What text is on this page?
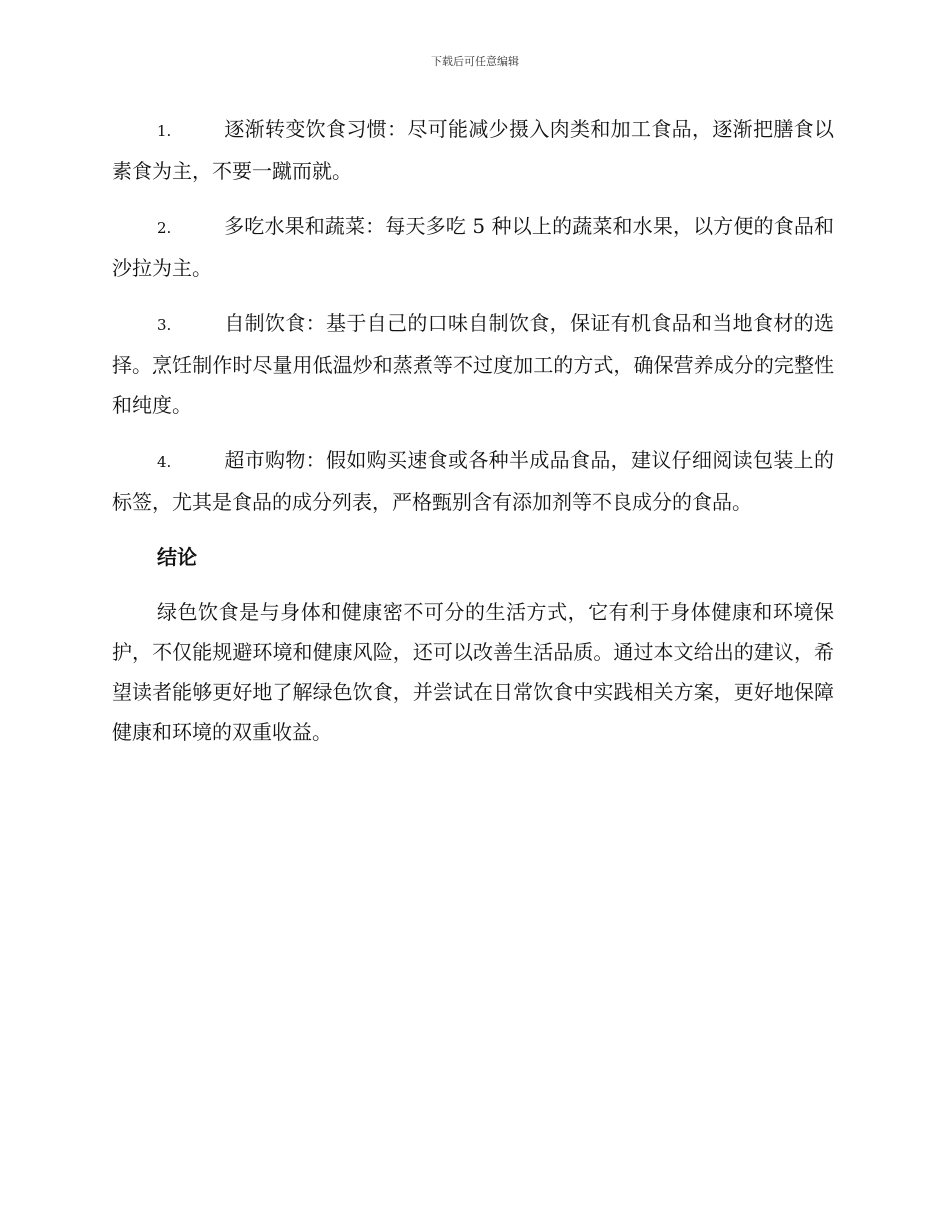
下载后可任意编辑

1.	逐渐转变饮食习惯：尽可能减少摄入肉类和加工食品，逐渐把膳食以素食为主，不要一蹴而就。

2.	多吃水果和蔬菜：每天多吃 5 种以上的蔬菜和水果，以方便的食品和沙拉为主。

3.	自制饮食：基于自己的口味自制饮食，保证有机食品和当地食材的选择。烹饪制作时尽量用低温炒和蒸煮等不过度加工的方式，确保营养成分的完整性和纯度。

4.	超市购物：假如购买速食或各种半成品食品，建议仔细阅读包装上的标签，尤其是食品的成分列表，严格甄别含有添加剂等不良成分的食品。

结论

绿色饮食是与身体和健康密不可分的生活方式，它有利于身体健康和环境保护，不仅能规避环境和健康风险，还可以改善生活品质。通过本文给出的建议，希望读者能够更好地了解绿色饮食，并尝试在日常饮食中实践相关方案，更好地保障健康和环境的双重收益。
